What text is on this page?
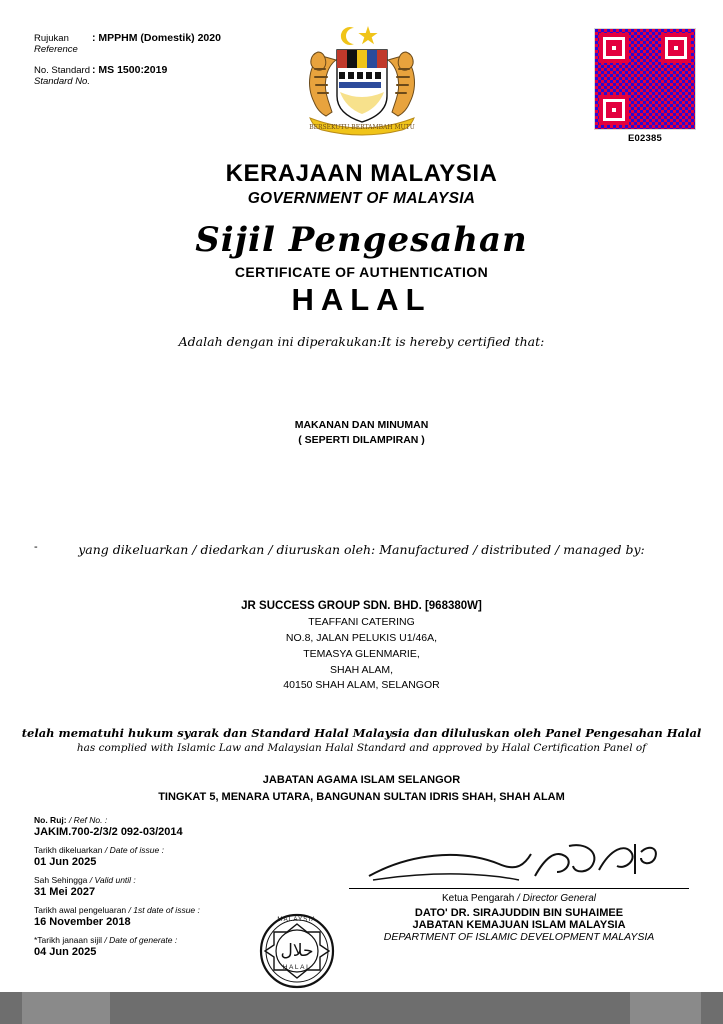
Rujukan
Reference
: MPPHM (Domestik) 2020
No. Standard
Standard No.
: MS 1500:2019
BERSEKUTU BERTAMBAH MUTU
E02385
KERAJAAN MALAYSIA
GOVERNMENT OF MALAYSIA
Sijil Pengesahan
CERTIFICATE OF AUTHENTICATION
HALAL
Adalah dengan ini diperakukan:It is hereby certified that:
MAKANAN DAN MINUMAN
( SEPERTI DILAMPIRAN )
-	yang dikeluarkan / diedarkan / diuruskan oleh: Manufactured / distributed / managed by:
JR SUCCESS GROUP SDN. BHD. [968380W]
TEAFFANI CATERING
NO.8, JALAN PELUKIS U1/46A,
TEMASYA GLENMARIE,
SHAH ALAM,
40150 SHAH ALAM, SELANGOR
telah mematuhi hukum syarak dan Standard Halal Malaysia dan diluluskan oleh Panel Pengesahan Halal
has complied with Islamic Law and Malaysian Halal Standard and approved by Halal Certification Panel of
JABATAN AGAMA ISLAM SELANGOR
TINGKAT 5, MENARA UTARA, BANGUNAN SULTAN IDRIS SHAH, SHAH ALAM
No. Ruj: / Ref No. :
JAKIM.700-2/3/2 092-03/2014
Tarikh dikeluarkan / Date of issue :
01 Jun 2025
Sah Sehingga / Valid until :
31 Mei 2027
Tarikh awal pengeluaran / 1st date of issue :
16 November 2018
*Tarikh janaan sijil / Date of generate :
04 Jun 2025
Ketua Pengarah / Director General
DATO' DR. SIRAJUDDIN BIN SUHAIMEE
JABATAN KEMAJUAN ISLAM MALAYSIA
DEPARTMENT OF ISLAMIC DEVELOPMENT MALAYSIA
حلال
HALAL
MALAYSIA
